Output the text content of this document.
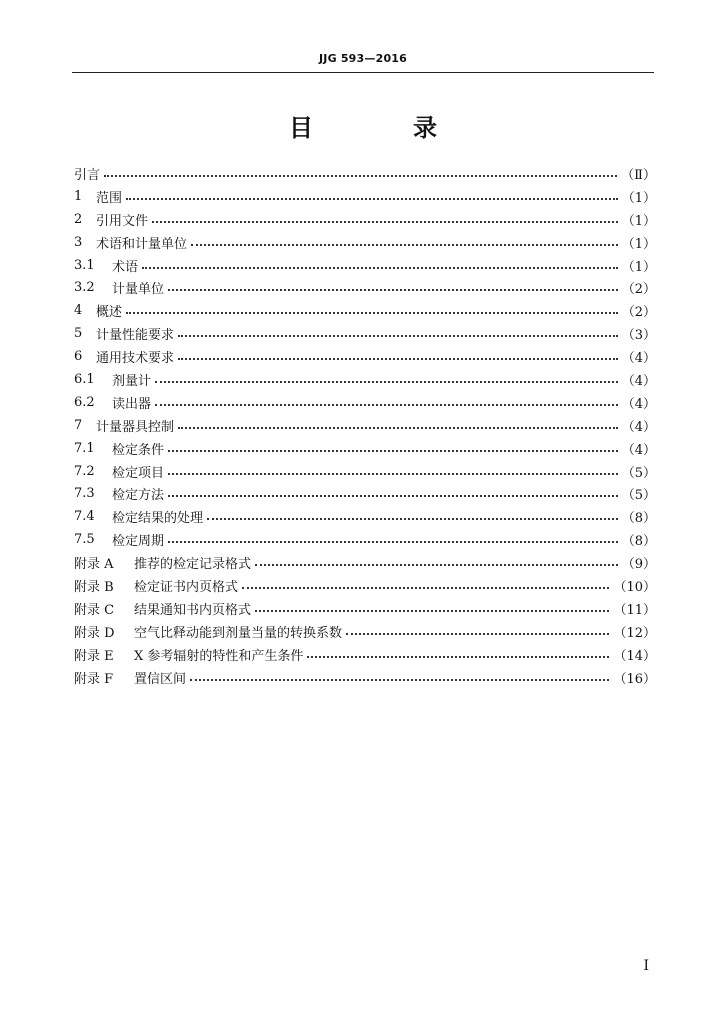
JJG 593—2016
目　录
引言	（Ⅱ）
1	范围	（1）
2	引用文件	（1）
3	术语和计量单位	（1）
3.1	术语	（1）
3.2	计量单位	（2）
4	概述	（2）
5	计量性能要求	（3）
6	通用技术要求	（4）
6.1	剂量计	（4）
6.2	读出器	（4）
7	计量器具控制	（4）
7.1	检定条件	（4）
7.2	检定项目	（5）
7.3	检定方法	（5）
7.4	检定结果的处理	（8）
7.5	检定周期	（8）
附录 A	推荐的检定记录格式	（9）
附录 B	检定证书内页格式	（10）
附录 C	结果通知书内页格式	（11）
附录 D	空气比释动能到剂量当量的转换系数	（12）
附录 E	X 参考辐射的特性和产生条件	（14）
附录 F	置信区间	（16）
I
